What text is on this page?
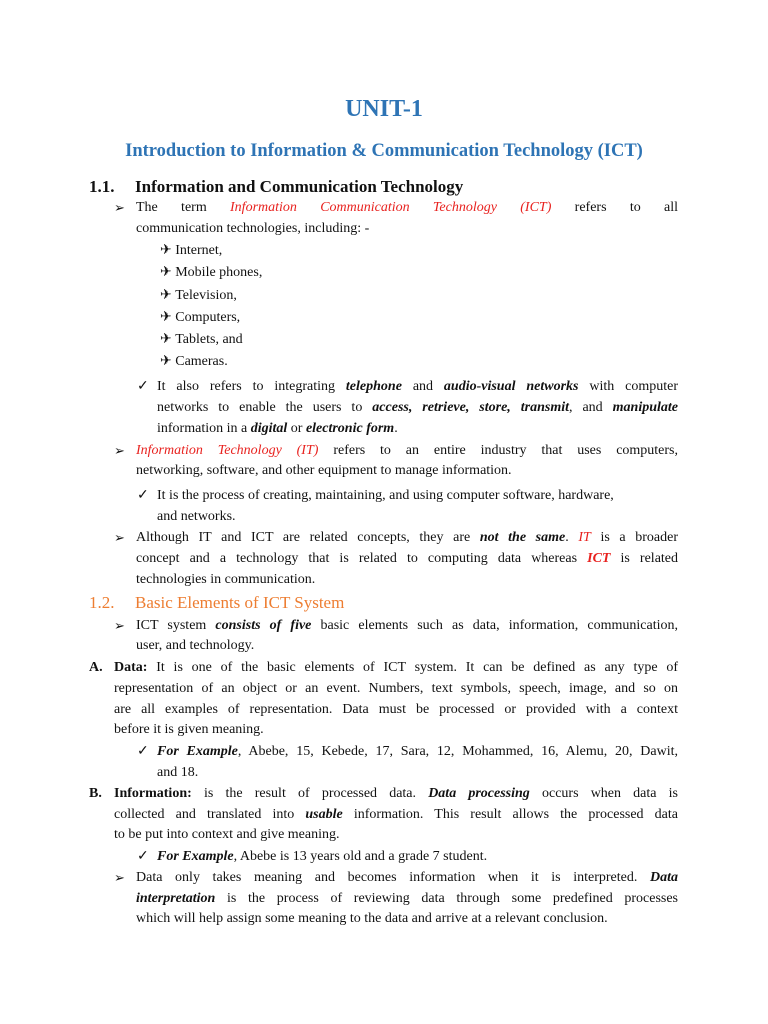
UNIT-1
Introduction to Information & Communication Technology (ICT)
1.1. Information and Communication Technology
➢ The term Information Communication Technology (ICT) refers to all
communication technologies, including: -
✈ Internet,
✈ Mobile phones,
✈ Television,
✈ Computers,
✈ Tablets, and
✈ Cameras.
✓ It also refers to integrating telephone and audio-visual networks with computer
networks to enable the users to access, retrieve, store, transmit, and manipulate
information in a digital or electronic form.
➢ Information Technology (IT) refers to an entire industry that uses computers,
networking, software, and other equipment to manage information.
✓ It is the process of creating, maintaining, and using computer software, hardware,
and networks.
➢ Although IT and ICT are related concepts, they are not the same. IT is a broader
concept and a technology that is related to computing data whereas ICT is related
technologies in communication.
1.2. Basic Elements of ICT System
➢ ICT system consists of five basic elements such as data, information, communication,
user, and technology.
A. Data: It is one of the basic elements of ICT system. It can be defined as any type of
representation of an object or an event. Numbers, text symbols, speech, image, and so on
are all examples of representation. Data must be processed or provided with a context
before it is given meaning.
✓ For Example, Abebe, 15, Kebede, 17, Sara, 12, Mohammed, 16, Alemu, 20, Dawit,
and 18.
B. Information: is the result of processed data. Data processing occurs when data is
collected and translated into usable information. This result allows the processed data
to be put into context and give meaning.
✓ For Example, Abebe is 13 years old and a grade 7 student.
➢ Data only takes meaning and becomes information when it is interpreted. Data
interpretation is the process of reviewing data through some predefined processes
which will help assign some meaning to the data and arrive at a relevant conclusion.
